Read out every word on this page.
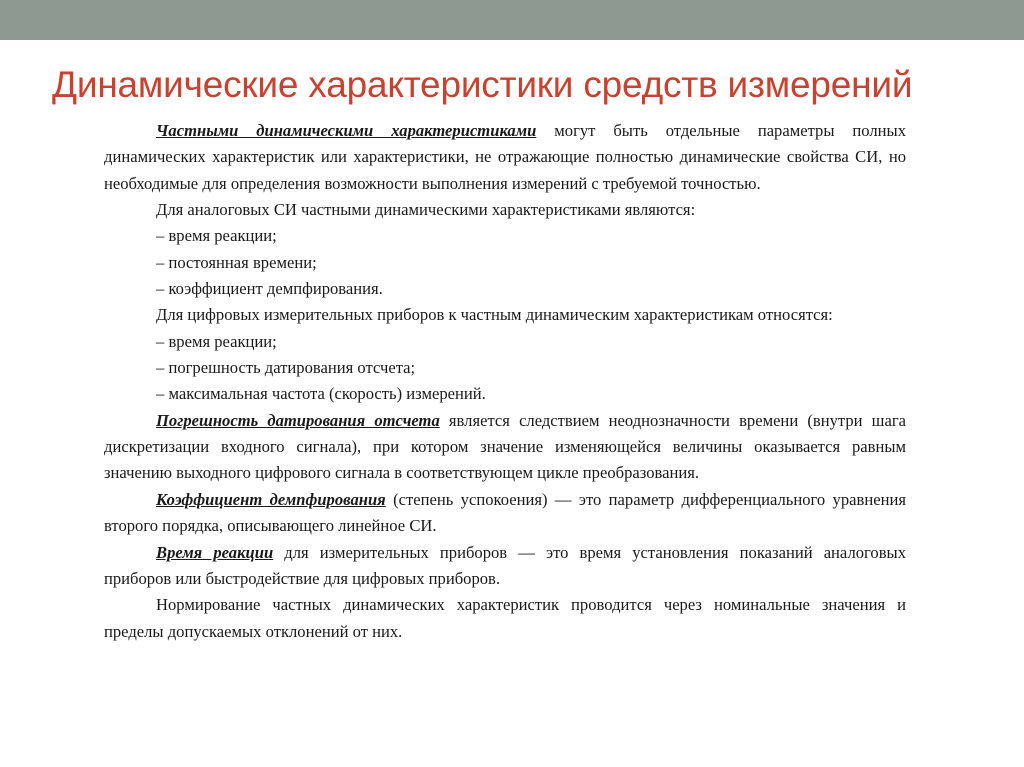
Динамические характеристики средств измерений

Частными динамическими характеристиками могут быть отдельные параметры полных динамических характеристик или характеристики, не отражающие полностью динамические свойства СИ, но необходимые для определения возможности выполнения измерений с требуемой точностью.

Для аналоговых СИ частными динамическими характеристиками являются:

– время реакции;

– постоянная времени;

– коэффициент демпфирования.

Для цифровых измерительных приборов к частным динамическим характеристикам относятся:

– время реакции;

– погрешность датирования отсчета;

– максимальная частота (скорость) измерений.

Погрешность датирования отсчета является следствием неоднозначности времени (внутри шага дискретизации входного сигнала), при котором значение изменяющейся величины оказывается равным значению выходного цифрового сигнала в соответствующем цикле преобразования.

Коэффициент демпфирования (степень успокоения) — это параметр дифференциального уравнения второго порядка, описывающего линейное СИ.

Время реакции для измерительных приборов — это время установления показаний аналоговых приборов или быстродействие для цифровых приборов.

Нормирование частных динамических характеристик проводится через номинальные значения и пределы допускаемых отклонений от них.
